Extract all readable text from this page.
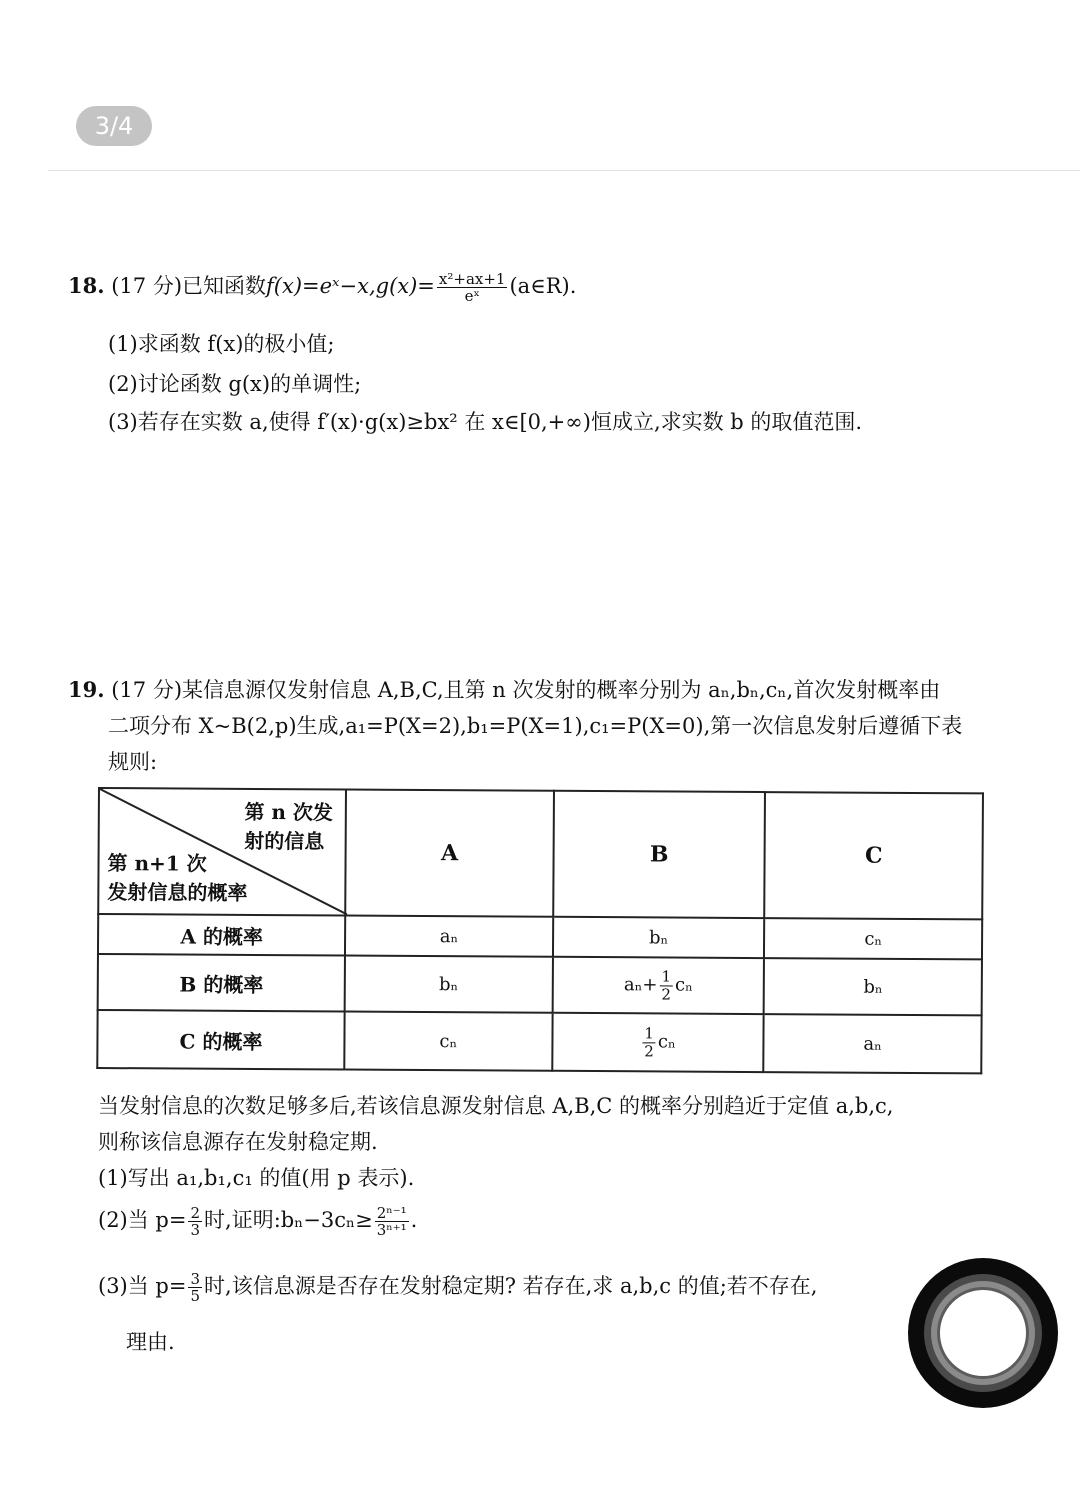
3/4
18. (17 分)已知函数f(x)=eˣ−x,g(x)= $\frac{\text{x²+ax+1}}{\text{eˣ}}$ (a∈R).
(1)求函数 f(x)的极小值;
(2)讨论函数 g(x)的单调性;
(3)若存在实数 a,使得 f′(x)·g(x)≥bx² 在 x∈[0,+∞)恒成立,求实数 b 的取值范围.
19. (17 分)某信息源仅发射信息 A,B,C,且第 n 次发射的概率分别为 aₙ,bₙ,cₙ,首次发射概率由
二项分布 X~B(2,p)生成,a₁=P(X=2),b₁=P(X=1),c₁=P(X=0),第一次信息发射后遵循下表
规则:
第 n 次发
射的信息
第 n+1 次
发射信息的概率	A	B	C
A 的概率	aₙ	bₙ	cₙ
B 的概率	bₙ	$a_n+ \frac{1}{2}$ cₙ	bₙ
C 的概率	cₙ	$\frac{1}{2}$ cₙ	aₙ
当发射信息的次数足够多后,若该信息源发射信息 A,B,C 的概率分别趋近于定值 a,b,c,
则称该信息源存在发射稳定期.
(1)写出 a₁,b₁,c₁ 的值(用 p 表示).
(2)当 $p= \frac{2}{3}$ 时,证明:bₙ−3cₙ≥ $\frac{\text{2ⁿ⁻¹}}{\text{3ⁿ⁺¹}}$ .
(3)当 $p= \frac{3}{5}$ 时,该信息源是否存在发射稳定期? 若存在,求 a,b,c 的值;若不存在,
理由.
